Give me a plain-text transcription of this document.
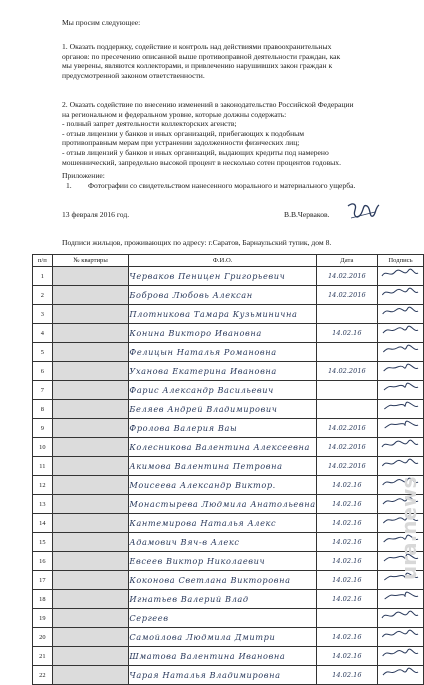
Мы просим следующее:
1. Оказать поддержку, содействие и контроль над действиями правоохранительных
органов: по пресечению описанной выше противоправной деятельности граждан, как
мы уверены, являются коллекторами, и привлечению нарушивших закон граждан к
предусмотренной законом ответственности.
2. Оказать содействие по внесению изменений в законодательство Российской Федерации
на региональном и федеральном уровне, которые должны содержать:
- полный запрет деятельности коллекторских агенств;
- отзыв лицензии у банков и иных организаций, прибегающих к подобным
противоправным мерам при устранении задолженности физических лиц;
- отзыв лицензий у банков и иных организаций, выдающих кредиты под намерено
мошеннический, запредельно высокой процент в несколько сотен процентов годовых.
Приложение:
1. Фотографии со свидетельством нанесенного морального и материального ущерба.
13 февраля 2016 год.	В.В.Черваков.
Подписи жильцов, проживающих по адресу: г.Саратов, Барнаульский тупик, дом 8.
п/п	№ квартиры	Ф.И.О.	Дата	Подпись
1		Черваков Пеницен Григорьевич	14.02.2016	
2		Боброва Любовь Алексан	14.02.2016	
3		Плотникова Тамара Кузьминична		
4		Конина Викторо Ивановна	14.02.16	
5		Фелицын Наталья Романовна		
6		Уханова Екатерина Ивановна	14.02.2016	
7		Фарис Александр Васильевич		
8		Беляев Андрей Владимирович		
9		Фролова Валерия Ваы	14.02.2016	
10		Колесникова Валентина Алексеевна	14.02.2016	
11		Акимова Валентина Петровна	14.02.2016	
12		Моисеева Александр Виктор.	14.02.16	
13		Монастырева Людмила Анатольевна	14.02.16	
14		Кантемирова Наталья Алекс	14.02.16	
15		Адамович Вяч-в Алекс	14.02.16	
16		Евсеев Виктор Николаевич	14.02.16	
17		Коконова Светлана Викторовна	14.02.16	
18		Игнатьев Валерий Влад	14.02.16	
19		Сергеев		
20		Самойлова Людмила Дмитри	14.02.16	
21		Шматова Валентина Ивановна	14.02.16	
22		Чарая Наталья Владимировна	14.02.16	
ura.news
